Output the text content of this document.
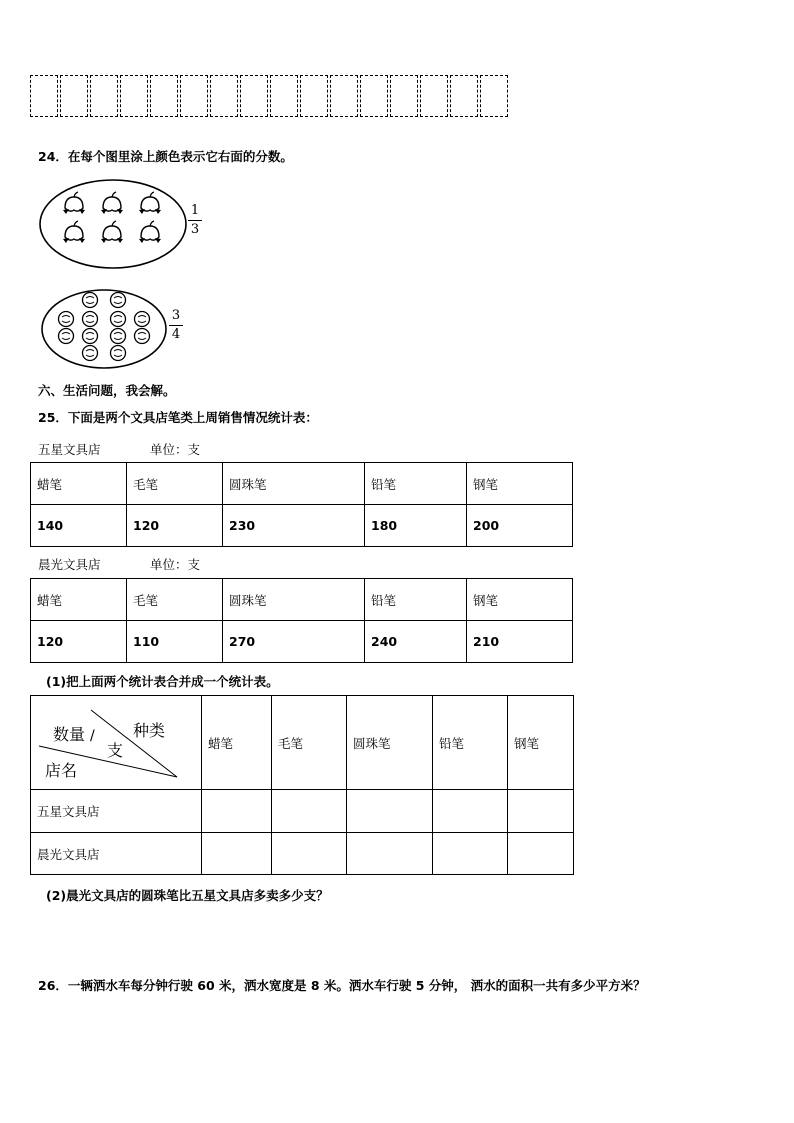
24．在每个图里涂上颜色表示它右面的分数。
1
3
3
4
六、生活问题，我会解。
25．下面是两个文具店笔类上周销售情况统计表：
五星文具店	单位：支
蜡笔	毛笔	圆珠笔	铅笔	钢笔
140	120	230	180	200
晨光文具店	单位：支
蜡笔	毛笔	圆珠笔	铅笔	钢笔
120	110	270	240	210
(1)把上面两个统计表合并成一个统计表。
种类
数量 /
支
店名	蜡笔	毛笔	圆珠笔	铅笔	钢笔
五星文具店					
晨光文具店					
(2)晨光文具店的圆珠笔比五星文具店多卖多少支？
26．一辆洒水车每分钟行驶 60 米，洒水宽度是 8 米。洒水车行驶 5 分钟， 洒水的面积一共有多少平方米？
